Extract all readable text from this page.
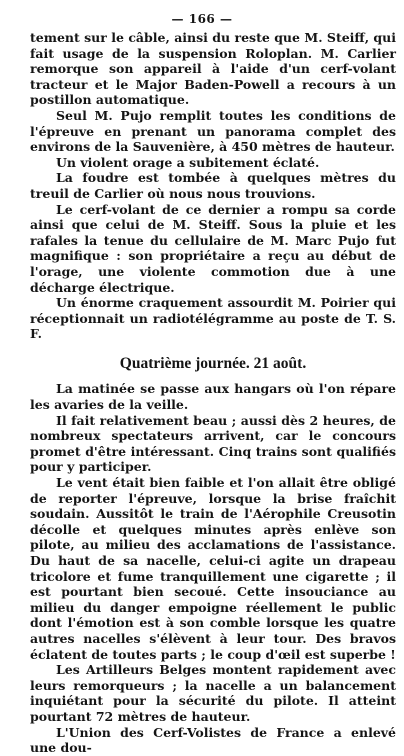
— 166 —

tement sur le câble, ainsi du reste que M. Steiff, qui fait usage de la suspension Roloplan. M. Carlier remorque son appareil à l'aide d'un cerf-volant tracteur et le Major Baden-Powell a recours à un postillon automatique.

Seul M. Pujo remplit toutes les conditions de l'épreuve en prenant un panorama complet des environs de la Sauvenière, à 450 mètres de hauteur.

Un violent orage a subitement éclaté.

La foudre est tombée à quelques mètres du treuil de Carlier où nous nous trouvions.

Le cerf-volant de ce dernier a rompu sa corde ainsi que celui de M. Steiff. Sous la pluie et les rafales la tenue du cellulaire de M. Marc Pujo fut magnifique : son propriétaire a reçu au début de l'orage, une violente commotion due à une décharge électrique.

Un énorme craquement assourdit M. Poirier qui réceptionnait un radiotélégramme au poste de T. S. F.

Quatrième journée. 21 août.

La matinée se passe aux hangars où l'on répare les avaries de la veille.

Il fait relativement beau ; aussi dès 2 heures, de nombreux spectateurs arrivent, car le concours promet d'être intéressant. Cinq trains sont qualifiés pour y participer.

Le vent était bien faible et l'on allait être obligé de reporter l'épreuve, lorsque la brise fraîchit soudain. Aussitôt le train de l'Aérophile Creusotin décolle et quelques minutes après enlève son pilote, au milieu des acclamations de l'assistance. Du haut de sa nacelle, celui-ci agite un drapeau tricolore et fume tranquillement une cigarette ; il est pourtant bien secoué. Cette insouciance au milieu du danger empoigne réellement le public dont l'émotion est à son comble lorsque les quatre autres nacelles s'élèvent à leur tour. Des bravos éclatent de toutes parts ; le coup d'œil est superbe !

Les Artilleurs Belges montent rapidement avec leurs remorqueurs ; la nacelle a un balancement inquiétant pour la sécurité du pilote. Il atteint pourtant 72 mètres de hauteur.

L'Union des Cerf-Volistes de France a enlevé une dou-
